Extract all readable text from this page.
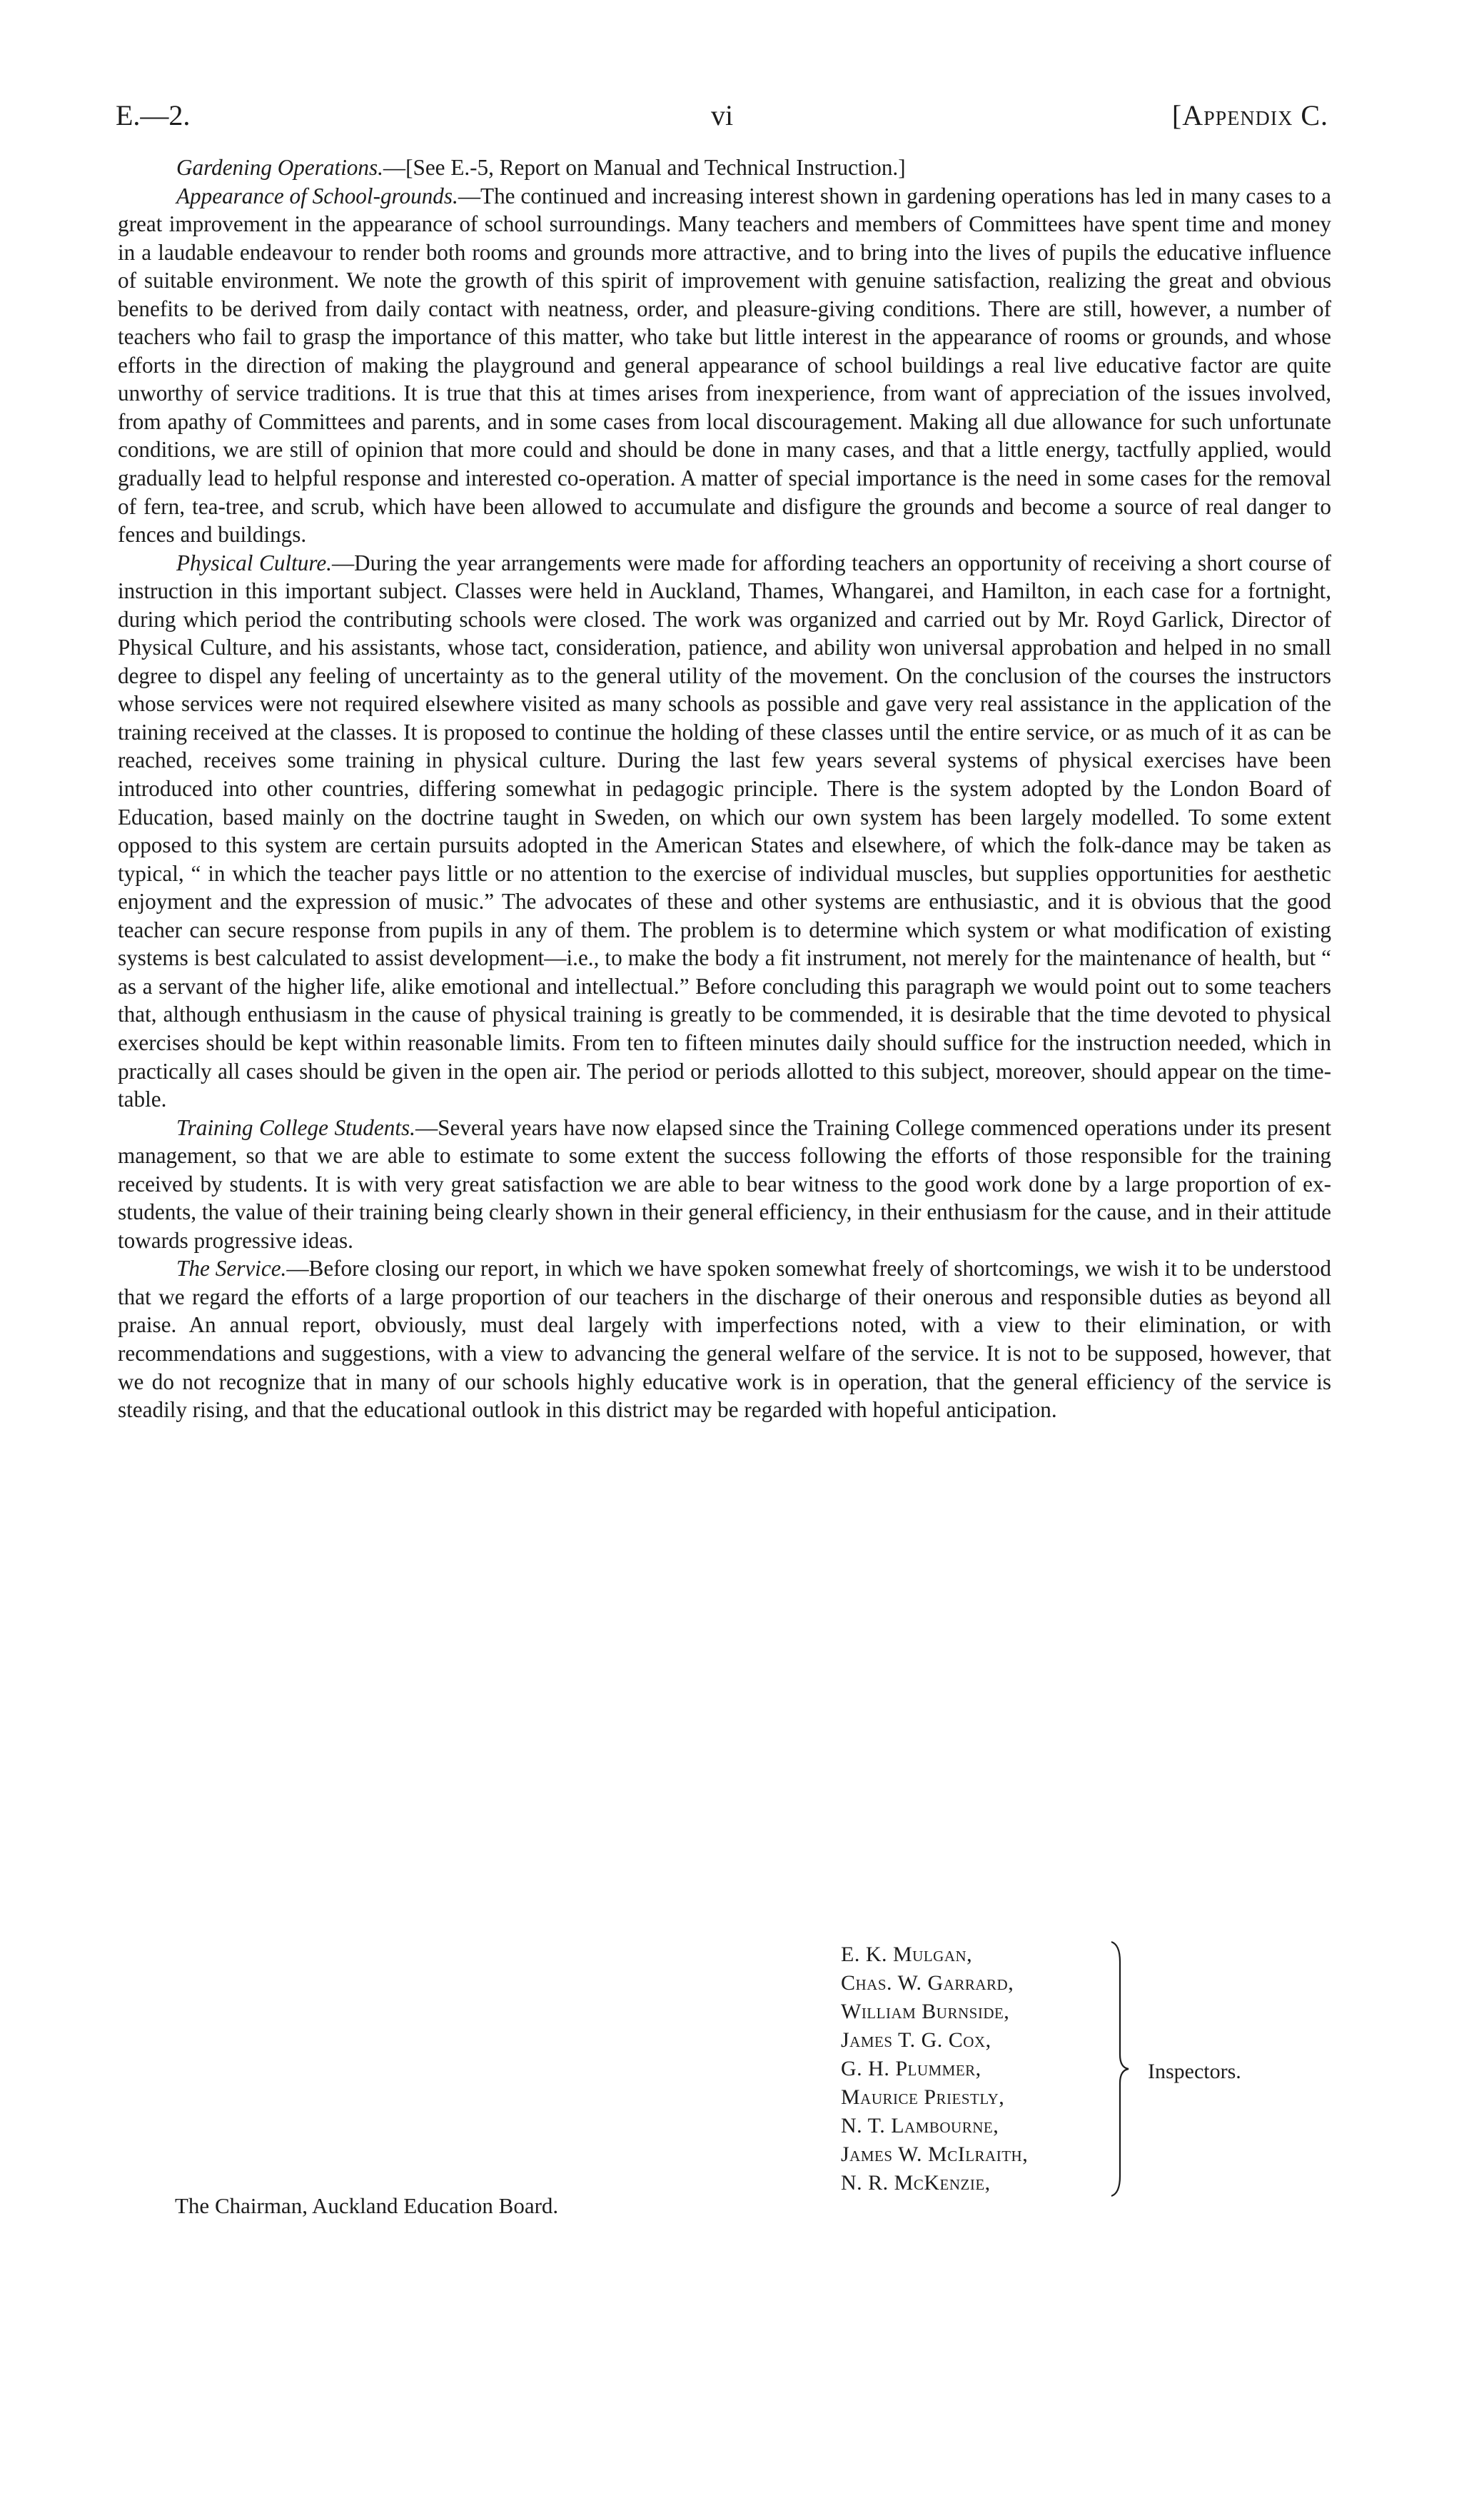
E.—2.	vi	[Appendix C.

Gardening Operations.—[See E.-5, Report on Manual and Technical Instruction.]

Appearance of School-grounds.—The continued and increasing interest shown in gardening operations has led in many cases to a great improvement in the appearance of school surroundings. Many teachers and members of Committees have spent time and money in a laudable endeavour to render both rooms and grounds more attractive, and to bring into the lives of pupils the educative influence of suitable environment. We note the growth of this spirit of improvement with genuine satisfaction, realizing the great and obvious benefits to be derived from daily contact with neatness, order, and pleasure-giving conditions. There are still, however, a number of teachers who fail to grasp the importance of this matter, who take but little interest in the appearance of rooms or grounds, and whose efforts in the direction of making the playground and general appearance of school buildings a real live educative factor are quite unworthy of service traditions. It is true that this at times arises from inexperience, from want of appreciation of the issues involved, from apathy of Committees and parents, and in some cases from local discouragement. Making all due allowance for such unfortunate conditions, we are still of opinion that more could and should be done in many cases, and that a little energy, tactfully applied, would gradually lead to helpful response and interested co-operation. A matter of special importance is the need in some cases for the removal of fern, tea-tree, and scrub, which have been allowed to accumulate and disfigure the grounds and become a source of real danger to fences and buildings.

Physical Culture.—During the year arrangements were made for affording teachers an opportunity of receiving a short course of instruction in this important subject. Classes were held in Auckland, Thames, Whangarei, and Hamilton, in each case for a fortnight, during which period the contributing schools were closed. The work was organized and carried out by Mr. Royd Garlick, Director of Physical Culture, and his assistants, whose tact, consideration, patience, and ability won universal approbation and helped in no small degree to dispel any feeling of uncertainty as to the general utility of the movement. On the conclusion of the courses the instructors whose services were not required elsewhere visited as many schools as possible and gave very real assistance in the application of the training received at the classes. It is proposed to continue the holding of these classes until the entire service, or as much of it as can be reached, receives some training in physical culture. During the last few years several systems of physical exercises have been introduced into other countries, differing somewhat in pedagogic principle. There is the system adopted by the London Board of Education, based mainly on the doctrine taught in Sweden, on which our own system has been largely modelled. To some extent opposed to this system are certain pursuits adopted in the American States and elsewhere, of which the folk-dance may be taken as typical, “ in which the teacher pays little or no attention to the exercise of individual muscles, but supplies opportunities for aesthetic enjoyment and the expression of music.” The advocates of these and other systems are enthusiastic, and it is obvious that the good teacher can secure response from pupils in any of them. The problem is to determine which system or what modification of existing systems is best calculated to assist development—i.e., to make the body a fit instrument, not merely for the maintenance of health, but “ as a servant of the higher life, alike emotional and intellectual.” Before concluding this paragraph we would point out to some teachers that, although enthusiasm in the cause of physical training is greatly to be commended, it is desirable that the time devoted to physical exercises should be kept within reasonable limits. From ten to fifteen minutes daily should suffice for the instruction needed, which in practically all cases should be given in the open air. The period or periods allotted to this subject, moreover, should appear on the time-table.

Training College Students.—Several years have now elapsed since the Training College commenced operations under its present management, so that we are able to estimate to some extent the success following the efforts of those responsible for the training received by students. It is with very great satisfaction we are able to bear witness to the good work done by a large proportion of ex-students, the value of their training being clearly shown in their general efficiency, in their enthusiasm for the cause, and in their attitude towards progressive ideas.

The Service.—Before closing our report, in which we have spoken somewhat freely of shortcomings, we wish it to be understood that we regard the efforts of a large proportion of our teachers in the discharge of their onerous and responsible duties as beyond all praise. An annual report, obviously, must deal largely with imperfections noted, with a view to their elimination, or with recommendations and suggestions, with a view to advancing the general welfare of the service. It is not to be supposed, however, that we do not recognize that in many of our schools highly educative work is in operation, that the general efficiency of the service is steadily rising, and that the educational outlook in this district may be regarded with hopeful anticipation.

E. K. Mulgan,
Chas. W. Garrard,
William Burnside,
James T. G. Cox,
G. H. Plummer,
Maurice Priestly,
N. T. Lambourne,
James W. McIlraith,
N. R. McKenzie,
Inspectors.
The Chairman, Auckland Education Board.
